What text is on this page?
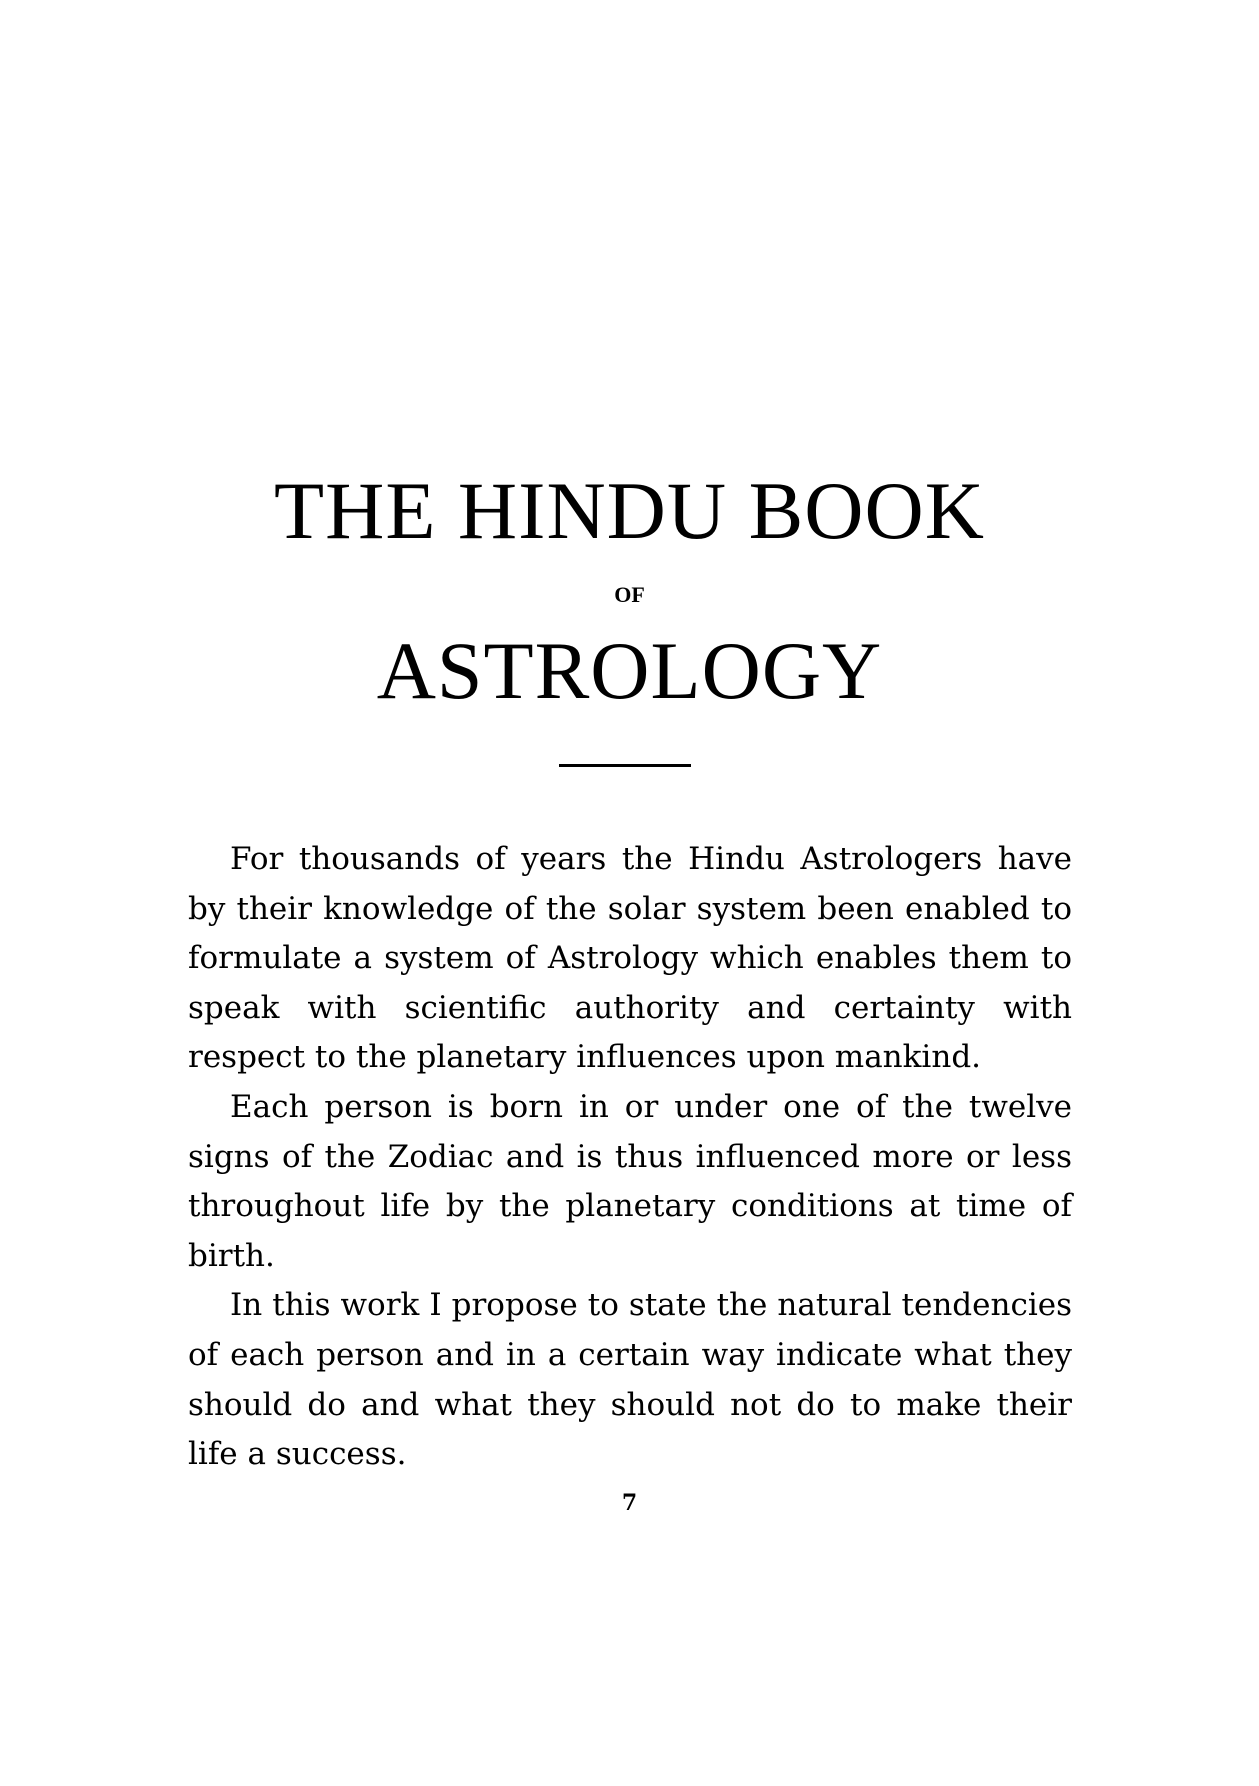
THE HINDU BOOK
OF
ASTROLOGY

For thousands of years the Hindu Astrologers have by their knowledge of the solar system been enabled to formulate a system of Astrology which enables them to speak with scientific authority and certainty with respect to the planetary influences upon mankind.

Each person is born in or under one of the twelve signs of the Zodiac and is thus influenced more or less throughout life by the planetary conditions at time of birth.

In this work I propose to state the natural tendencies of each person and in a certain way indicate what they should do and what they should not do to make their life a success.

7
